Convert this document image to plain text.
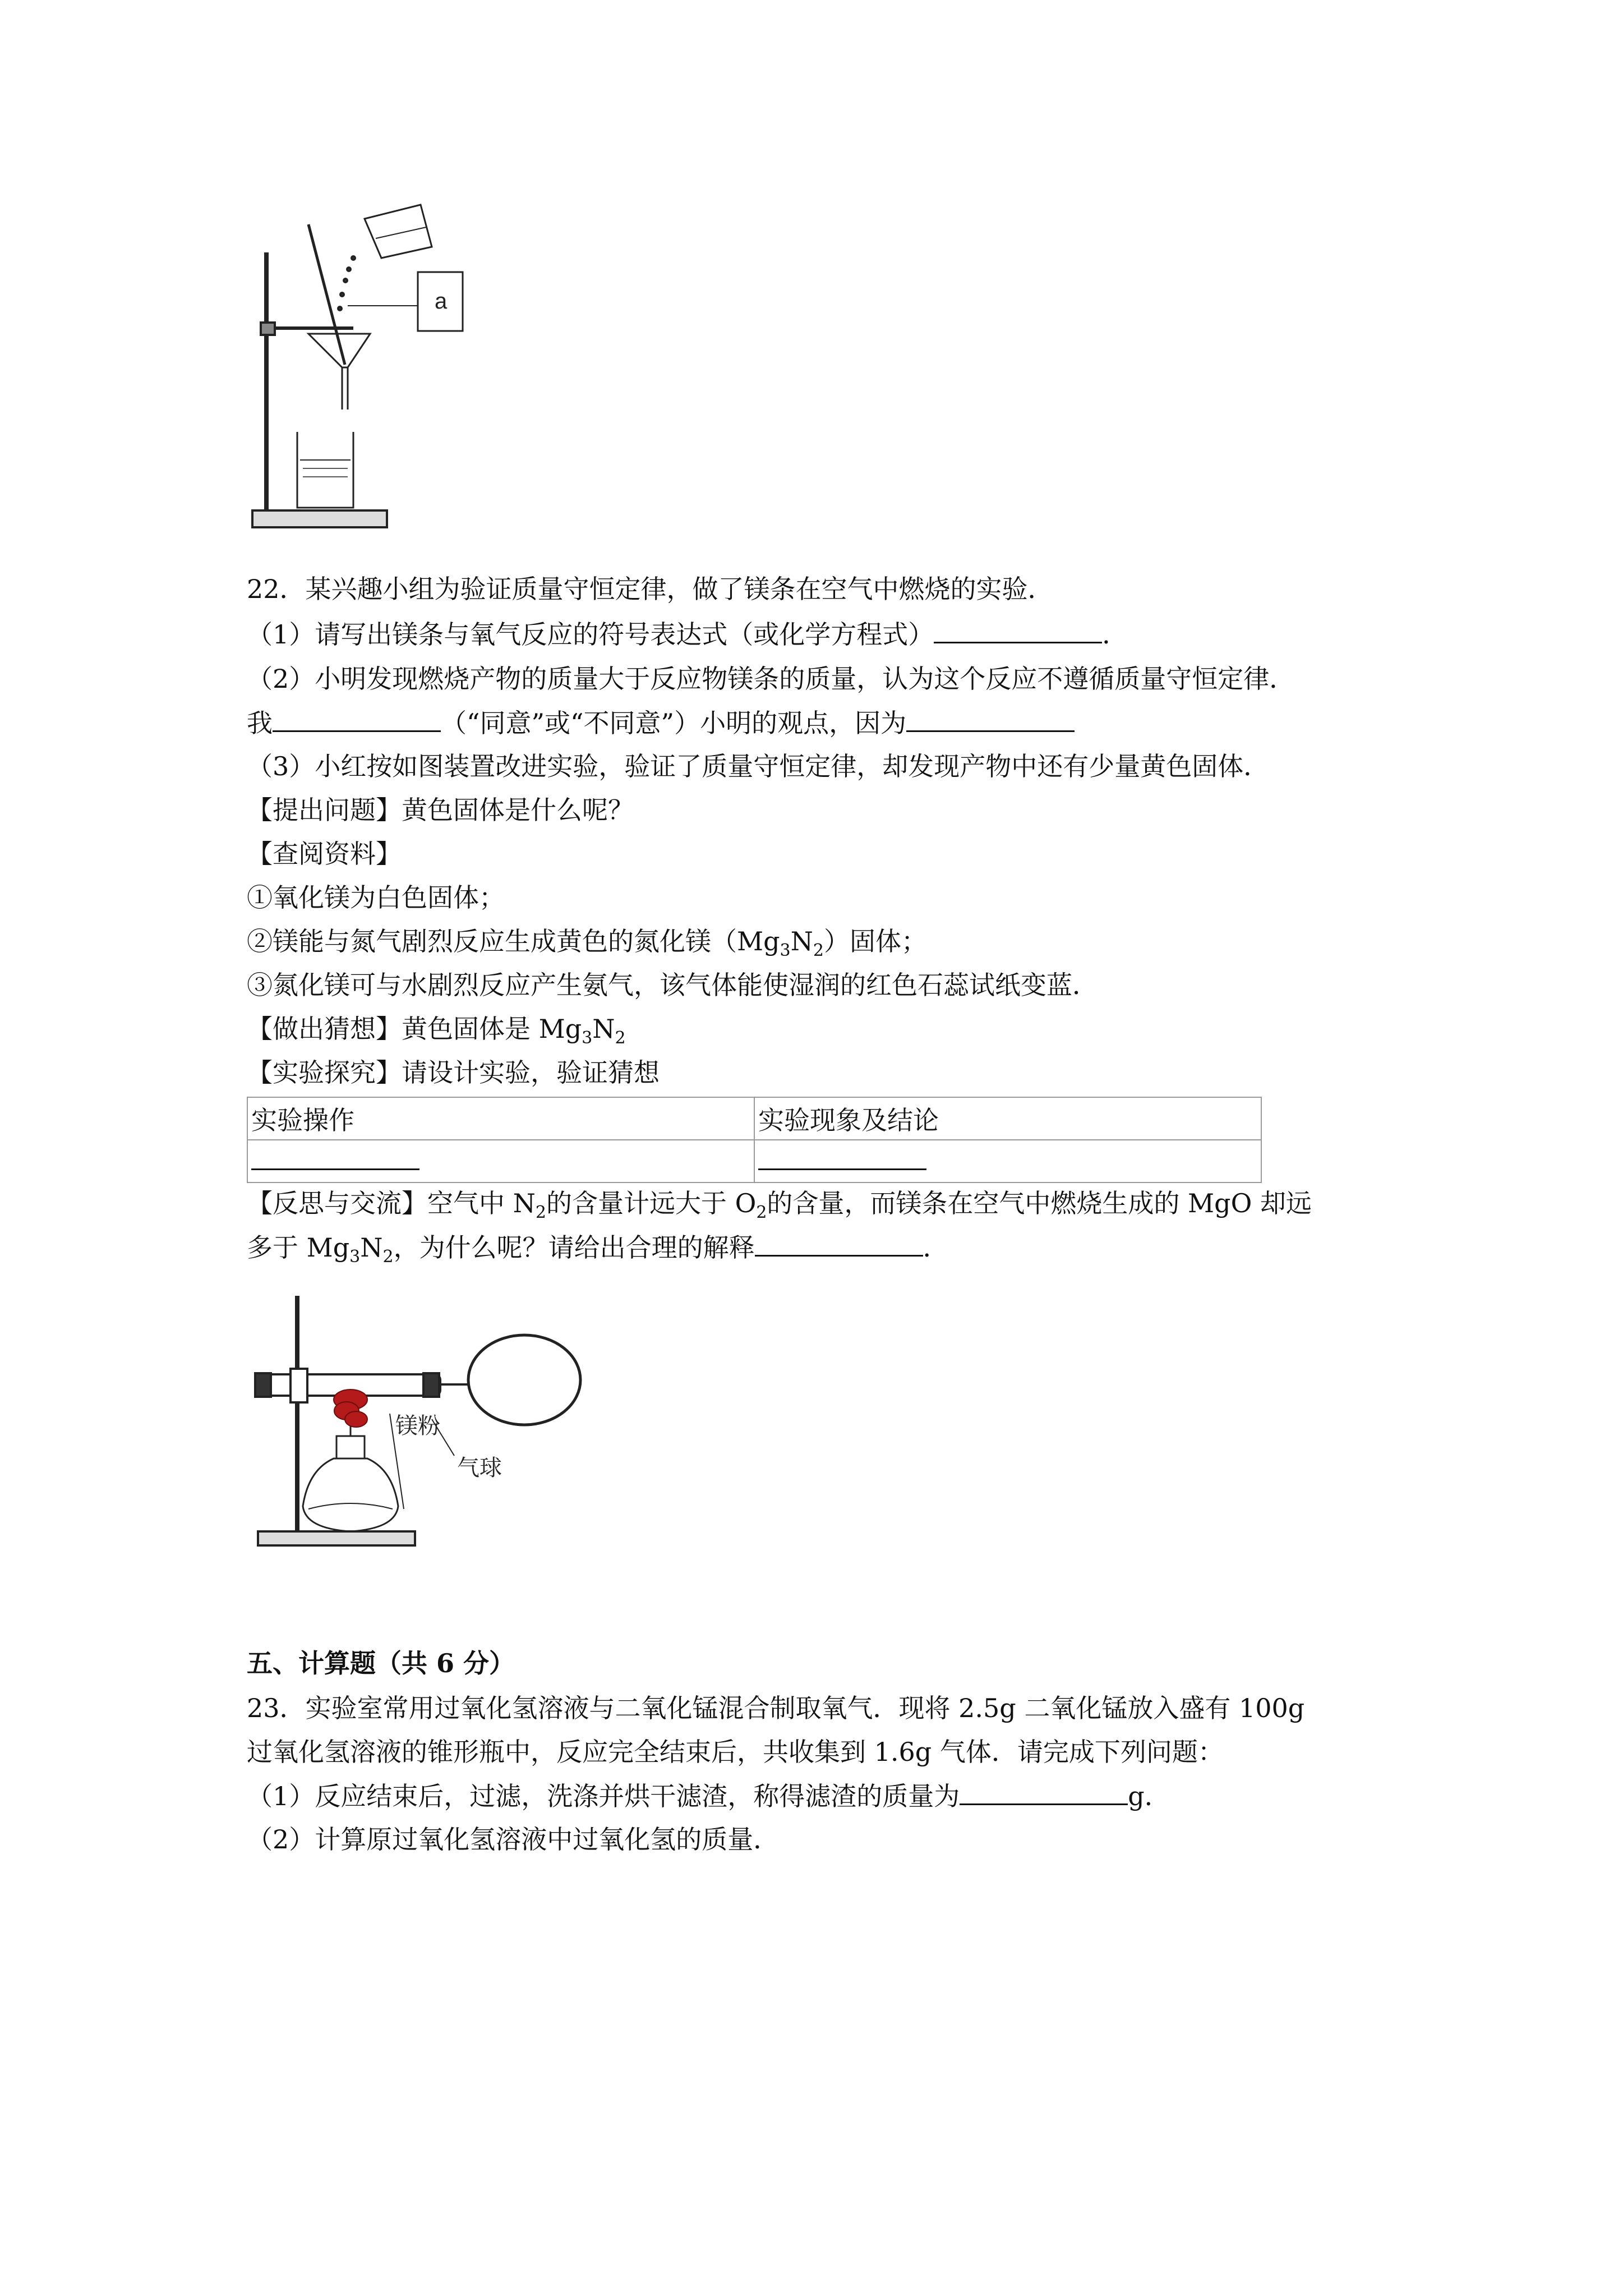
a
22．某兴趣小组为验证质量守恒定律，做了镁条在空气中燃烧的实验．
（1）请写出镁条与氧气反应的符号表达式（或化学方程式）	．
（2）小明发现燃烧产物的质量大于反应物镁条的质量，认为这个反应不遵循质量守恒定律．
我	（“同意”或“不同意”）小明的观点，因为
（3）小红按如图装置改进实验，验证了质量守恒定律，却发现产物中还有少量黄色固体．
【提出问题】黄色固体是什么呢？
【查阅资料】
①氧化镁为白色固体；
②镁能与氮气剧烈反应生成黄色的氮化镁$(Mg_3N_2)$固体；
③氮化镁可与水剧烈反应产生氨气，该气体能使湿润的红色石蕊试纸变蓝．
【做出猜想】黄色固体是 $Mg_3N_2$
【实验探究】请设计实验，验证猜想
实验操作	实验现象及结论

【反思与交流】空气中 $N_2$的含量计远大于 $O_2$的含量，而镁条在空气中燃烧生成的 MgO 却远
多于 $Mg_3N_2$，为什么呢？请给出合理的解释	．
镁粉
气球
五、计算题（共 6 分）
23．实验室常用过氧化氢溶液与二氧化锰混合制取氧气．现将 2.5g 二氧化锰放入盛有 100g
过氧化氢溶液的锥形瓶中，反应完全结束后，共收集到 1.6g 气体．请完成下列问题：
（1）反应结束后，过滤，洗涤并烘干滤渣，称得滤渣的质量为	g．
（2）计算原过氧化氢溶液中过氧化氢的质量．
